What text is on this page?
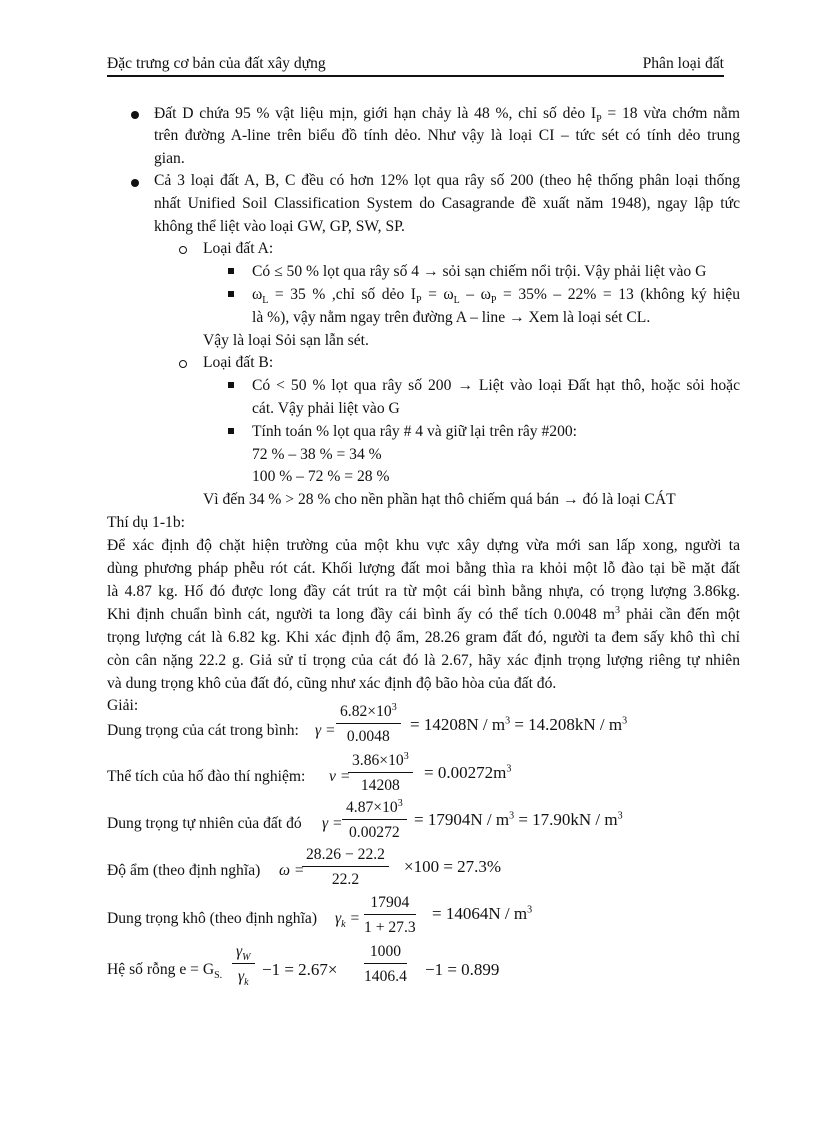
Đặc trưng cơ bản của đất xây dựng	Phân loại đất
Đất D chứa 95 % vật liệu mịn, giới hạn chảy là 48 %, chỉ số dẻo $I_P = 18$ vừa chớm nằm
trên đường A-line trên biểu đồ tính dẻo. Như vậy là loại CI – tức sét có tính dẻo trung
gian.
Cả 3 loại đất A, B, C đều có hơn 12% lọt qua rây số 200 (theo hệ thống phân loại thống
nhất Unified Soil Classification System do Casagrande đề xuất năm 1948), ngay lập tức
không thể liệt vào loại GW, GP, SW, SP.
Loại đất A:
Có ≤ 50 % lọt qua rây số 4 → sỏi sạn chiếm nổi trội. Vậy phải liệt vào G
$\omega_L = 35$ % ,chỉ số dẻo $I_P = \omega_L - \omega_P = 35\% - 22\% = 13$ (không ký hiệu
là %), vậy nằm ngay trên đường A – line → Xem là loại sét CL.
Vậy là loại Sỏi sạn lẫn sét.
Loại đất B:
Có < 50 % lọt qua rây số 200 → Liệt vào loại Đất hạt thô, hoặc sỏi hoặc
cát. Vậy phải liệt vào G
Tính toán % lọt qua rây # 4 và giữ lại trên rây #200:
72 % – 38 % = 34 %
100 % – 72 % = 28 %
Vì đến 34 % > 28 % cho nền phần hạt thô chiếm quá bán → đó là loại CÁT
Thí dụ 1-1b:
Để xác định độ chặt hiện trường của một khu vực xây dựng vừa mới san lấp xong, người ta
dùng phương pháp phễu rót cát. Khối lượng đất moi bằng thìa ra khỏi một lỗ đào tại bề mặt đất
là 4.87 kg. Hố đó được long đầy cát trút ra từ một cái bình bằng nhựa, có trọng lượng 3.86kg.
Khi định chuẩn bình cát, người ta long đầy cái bình ấy có thể tích 0.0048 $m^3$ phải cần đến một
trọng lượng cát là 6.82 kg. Khi xác định độ ẩm, 28.26 gram đất đó, người ta đem sấy khô thì chỉ
còn cân nặng 22.2 g. Giả sử tỉ trọng của cát đó là 2.67, hãy xác định trọng lượng riêng tự nhiên
và dung trọng khô của đất đó, cũng như xác định độ bão hòa của đất đó.
Giải:
Dung trọng của cát trong bình: γ =
$6.82\times 10^3$
0.0048
= $14208N / m^3 = 14.208kN / m^3$
Thể tích của hố đào thí nghiệm: v =
$3.86\times 10^3$
14208
= $0.00272m^3$
Dung trọng tự nhiên của đất đó γ =
$4.87\times 10^3$
0.00272
= $17904N / m^3 = 17.90kN / m^3$
Độ ẩm (theo định nghĩa) ω =
28.26 − 22.2
22.2
×100 = 27.3%
Dung trọng khô (theo định nghĩa) $\gamma_k$ =
17904
1 + 27.3
= $14064N / m^3$
Hệ số rỗng $e = G_{S.}$
$\gamma_W$
$\gamma_k$
−1 = 2.67×
1000
1406.4 −1 = 0.899
